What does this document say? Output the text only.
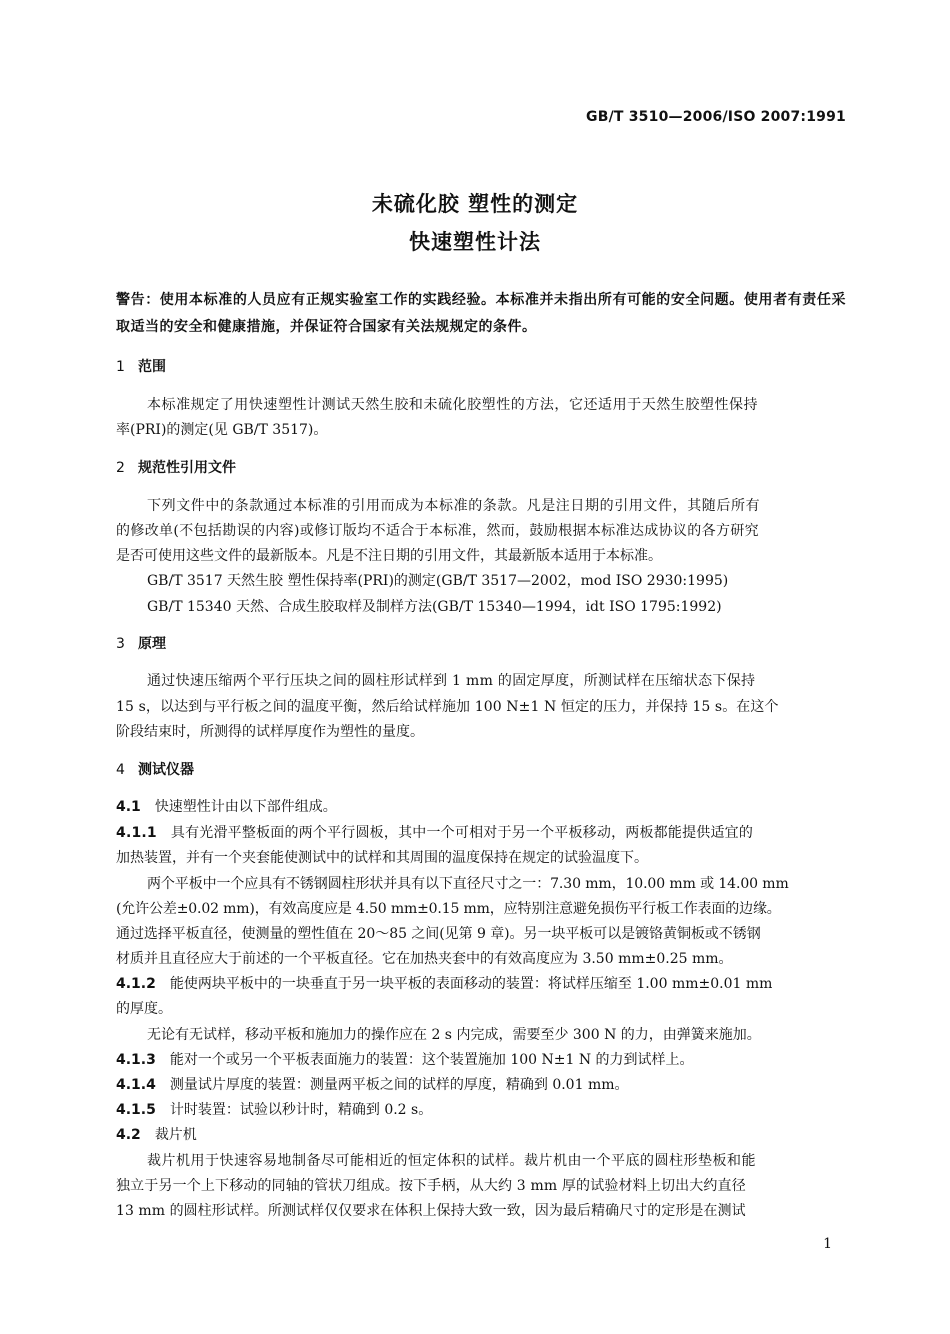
GB/T 3510—2006/ISO 2007:1991
未硫化胶 塑性的测定
快速塑性计法
警告：使用本标准的人员应有正规实验室工作的实践经验。本标准并未指出所有可能的安全问题。使用者有责任采取适当的安全和健康措施，并保证符合国家有关法规规定的条件。
1 范围
本标准规定了用快速塑性计测试天然生胶和未硫化胶塑性的方法，它还适用于天然生胶塑性保持
率(PRI)的测定(见 GB/T 3517)。
2 规范性引用文件
下列文件中的条款通过本标准的引用而成为本标准的条款。凡是注日期的引用文件，其随后所有
的修改单(不包括勘误的内容)或修订版均不适合于本标准，然而，鼓励根据本标准达成协议的各方研究
是否可使用这些文件的最新版本。凡是不注日期的引用文件，其最新版本适用于本标准。
GB/T 3517 天然生胶 塑性保持率(PRI)的测定(GB/T 3517—2002，mod ISO 2930:1995)
GB/T 15340 天然、合成生胶取样及制样方法(GB/T 15340—1994，idt ISO 1795:1992)
3 原理
通过快速压缩两个平行压块之间的圆柱形试样到 1 mm 的固定厚度，所测试样在压缩状态下保持
15 s，以达到与平行板之间的温度平衡，然后给试样施加 100 N±1 N 恒定的压力，并保持 15 s。在这个
阶段结束时，所测得的试样厚度作为塑性的量度。
4 测试仪器
4.1 快速塑性计由以下部件组成。
4.1.1 具有光滑平整板面的两个平行圆板，其中一个可相对于另一个平板移动，两板都能提供适宜的
加热装置，并有一个夹套能使测试中的试样和其周围的温度保持在规定的试验温度下。
两个平板中一个应具有不锈钢圆柱形状并具有以下直径尺寸之一：7.30 mm，10.00 mm 或 14.00 mm
(允许公差±0.02 mm)，有效高度应是 4.50 mm±0.15 mm，应特别注意避免损伤平行板工作表面的边缘。
通过选择平板直径，使测量的塑性值在 20～85 之间(见第 9 章)。另一块平板可以是镀铬黄铜板或不锈钢
材质并且直径应大于前述的一个平板直径。它在加热夹套中的有效高度应为 3.50 mm±0.25 mm。
4.1.2 能使两块平板中的一块垂直于另一块平板的表面移动的装置：将试样压缩至 1.00 mm±0.01 mm
的厚度。
无论有无试样，移动平板和施加力的操作应在 2 s 内完成，需要至少 300 N 的力，由弹簧来施加。
4.1.3 能对一个或另一个平板表面施力的装置：这个装置施加 100 N±1 N 的力到试样上。
4.1.4 测量试片厚度的装置：测量两平板之间的试样的厚度，精确到 0.01 mm。
4.1.5 计时装置：试验以秒计时，精确到 0.2 s。
4.2 裁片机
裁片机用于快速容易地制备尽可能相近的恒定体积的试样。裁片机由一个平底的圆柱形垫板和能
独立于另一个上下移动的同轴的管状刀组成。按下手柄，从大约 3 mm 厚的试验材料上切出大约直径
13 mm 的圆柱形试样。所测试样仅仅要求在体积上保持大致一致，因为最后精确尺寸的定形是在测试
1
